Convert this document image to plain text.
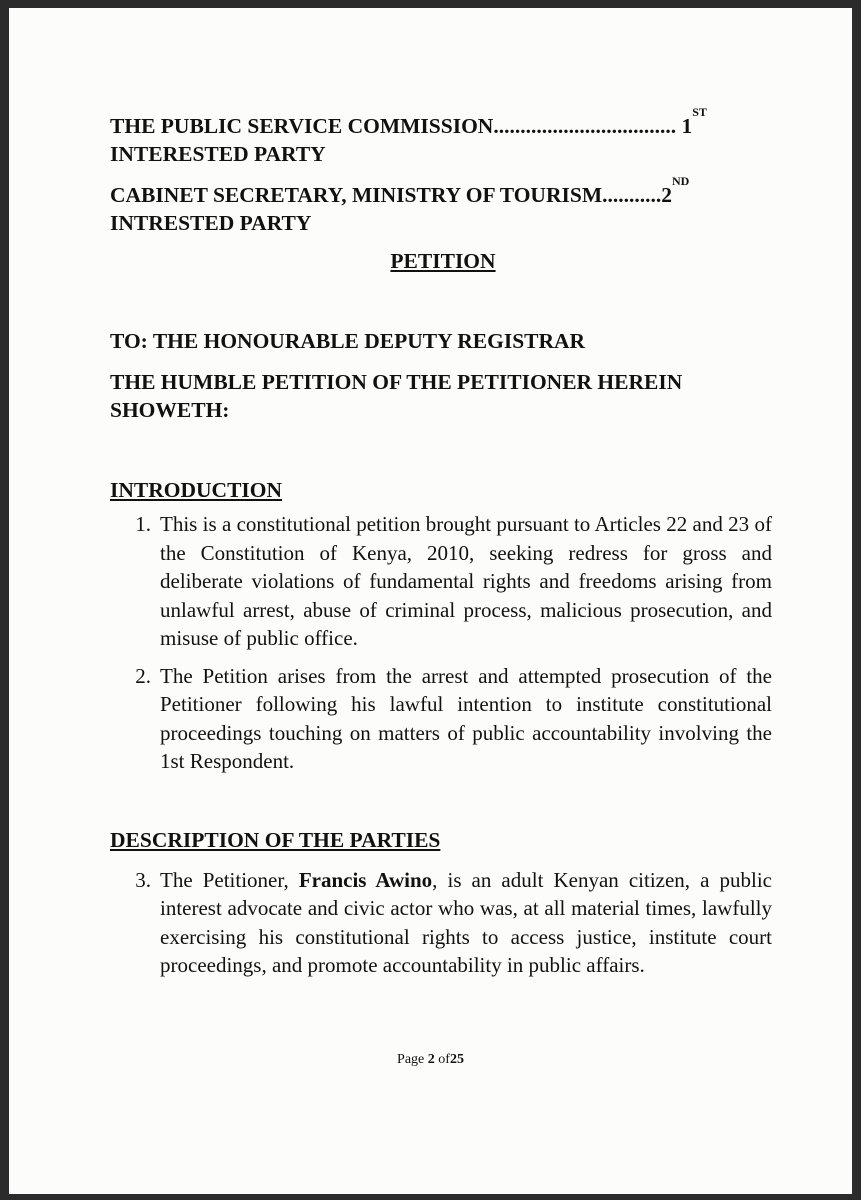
THE PUBLIC SERVICE COMMISSION ..................................
1
ST
INTERESTED PARTY
CABINET SECRETARY, MINISTRY OF TOURISM ........... 2
ND
INTRESTED PARTY
PETITION
TO: THE HONOURABLE DEPUTY REGISTRAR
THE HUMBLE PETITION OF THE PETITIONER HEREIN
SHOWETH:
INTRODUCTION
1. This is a constitutional petition brought pursuant to Articles 22 and 23 of the Constitution of Kenya, 2010, seeking redress for gross and deliberate violations of fundamental rights and freedoms arising from unlawful arrest, abuse of criminal process, malicious prosecution, and misuse of public office.
2. The Petition arises from the arrest and attempted prosecution of the Petitioner following his lawful intention to institute constitutional proceedings touching on matters of public accountability involving the 1st Respondent.
DESCRIPTION OF THE PARTIES
3. The Petitioner, Francis Awino, is an adult Kenyan citizen, a public interest advocate and civic actor who was, at all material times, lawfully exercising his constitutional rights to access justice, institute court proceedings, and promote accountability in public affairs.
Page 2 of25
